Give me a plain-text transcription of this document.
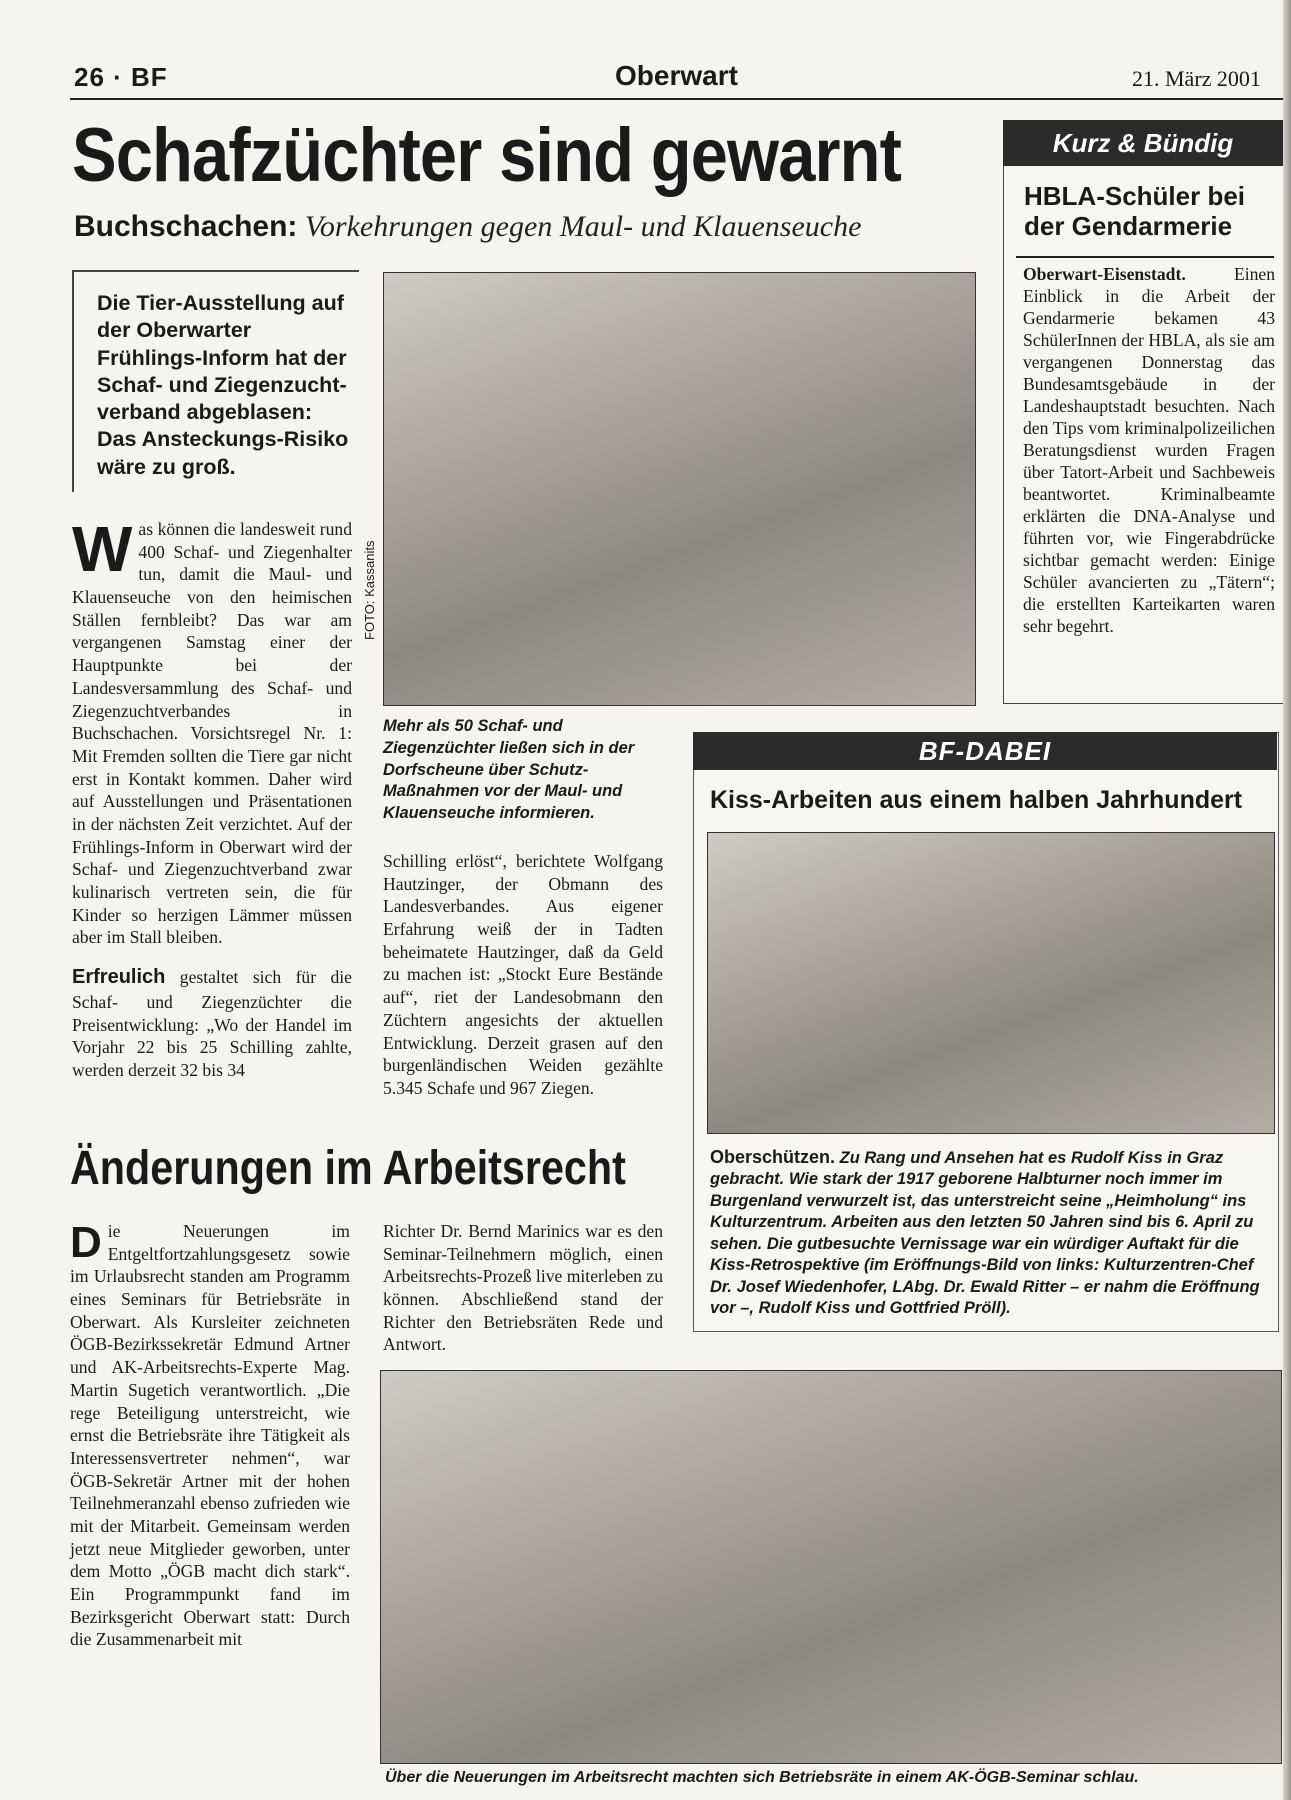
26 · BF	Oberwart	21. März 2001
Schafzüchter sind gewarnt
Buchschachen: Vorkehrungen gegen Maul- und Klauenseuche
Die Tier-Ausstellung auf der Oberwarter Frühlings-Inform hat der Schaf- und Ziegenzucht-verband abgeblasen: Das Ansteckungs-Risiko wäre zu groß.
Was können die landesweit rund 400 Schaf- und Ziegenhalter tun, damit die Maul- und Klauenseuche von den heimischen Ställen fernbleibt? Das war am vergangenen Samstag einer der Hauptpunkte bei der Landesversammlung des Schaf- und Ziegenzuchtverbandes in Buchschachen. Vorsichtsregel Nr. 1: Mit Fremden sollten die Tiere gar nicht erst in Kontakt kommen. Daher wird auf Ausstellungen und Präsentationen in der nächsten Zeit verzichtet. Auf der Frühlings-Inform in Oberwart wird der Schaf- und Ziegenzuchtverband zwar kulinarisch vertreten sein, die für Kinder so herzigen Lämmer müssen aber im Stall bleiben.
Erfreulich gestaltet sich für die Schaf- und Ziegenzüchter die Preisentwicklung: „Wo der Handel im Vorjahr 22 bis 25 Schilling zahlte, werden derzeit 32 bis 34
FOTO: Kassanits
Mehr als 50 Schaf- und Ziegenzüchter ließen sich in der Dorfscheune über Schutz-Maßnahmen vor der Maul- und Klauenseuche informieren.
Schilling erlöst“, berichtete Wolfgang Hautzinger, der Obmann des Landesverbandes. Aus eigener Erfahrung weiß der in Tadten beheimatete Hautzinger, daß da Geld zu machen ist: „Stockt Eure Bestände auf“, riet der Landesobmann den Züchtern angesichts der aktuellen Entwicklung. Derzeit grasen auf den burgenländischen Weiden gezählte 5.345 Schafe und 967 Ziegen.
Kurz & Bündig
HBLA-Schüler bei der Gendarmerie
Oberwart-Eisenstadt.	Einen Einblick in die Arbeit der Gendarmerie bekamen 43 SchülerInnen der HBLA, als sie am vergangenen Donnerstag das Bundesamtsgebäude in der Landeshauptstadt besuchten. Nach den Tips vom kriminalpolizeilichen Beratungsdienst wurden Fragen über Tatort-Arbeit und Sachbeweis beantwortet. Kriminalbeamte erklärten die DNA-Analyse und führten vor, wie Fingerabdrücke sichtbar gemacht werden: Einige Schüler avancierten zu „Tätern“; die erstellten Karteikarten waren sehr begehrt.
BF-DABEI
Kiss-Arbeiten aus einem halben Jahrhundert
Oberschützen. Zu Rang und Ansehen hat es Rudolf Kiss in Graz gebracht. Wie stark der 1917 geborene Halbturner noch immer im Burgenland verwurzelt ist, das unterstreicht seine „Heimholung“ ins Kulturzentrum. Arbeiten aus den letzten 50 Jahren sind bis 6. April zu sehen. Die gutbesuchte Vernissage war ein würdiger Auftakt für die Kiss-Retrospektive (im Eröffnungs-Bild von links: Kulturzentren-Chef Dr. Josef Wiedenhofer, LAbg. Dr. Ewald Ritter – er nahm die Eröffnung vor –, Rudolf Kiss und Gottfried Pröll).
Änderungen im Arbeitsrecht
Die Neuerungen im Entgeltfortzahlungsgesetz sowie im Urlaubsrecht standen am Programm eines Seminars für Betriebsräte in Oberwart. Als Kursleiter zeichneten ÖGB-Bezirkssekretär Edmund Artner und AK-Arbeitsrechts-Experte Mag. Martin Sugetich verantwortlich. „Die rege Beteiligung unterstreicht, wie ernst die Betriebsräte ihre Tätigkeit als Interessensvertreter nehmen“, war ÖGB-Sekretär Artner mit der hohen Teilnehmeranzahl ebenso zufrieden wie mit der Mitarbeit. Gemeinsam werden jetzt neue Mitglieder geworben, unter dem Motto „ÖGB macht dich stark“. Ein Programmpunkt fand im Bezirksgericht Oberwart statt: Durch die Zusammenarbeit mit
Richter Dr. Bernd Marinics war es den Seminar-Teilnehmern möglich, einen Arbeitsrechts-Prozeß live miterleben zu können. Abschließend stand der Richter den Betriebsräten Rede und Antwort.
Über die Neuerungen im Arbeitsrecht machten sich Betriebsräte in einem AK-ÖGB-Seminar schlau.
